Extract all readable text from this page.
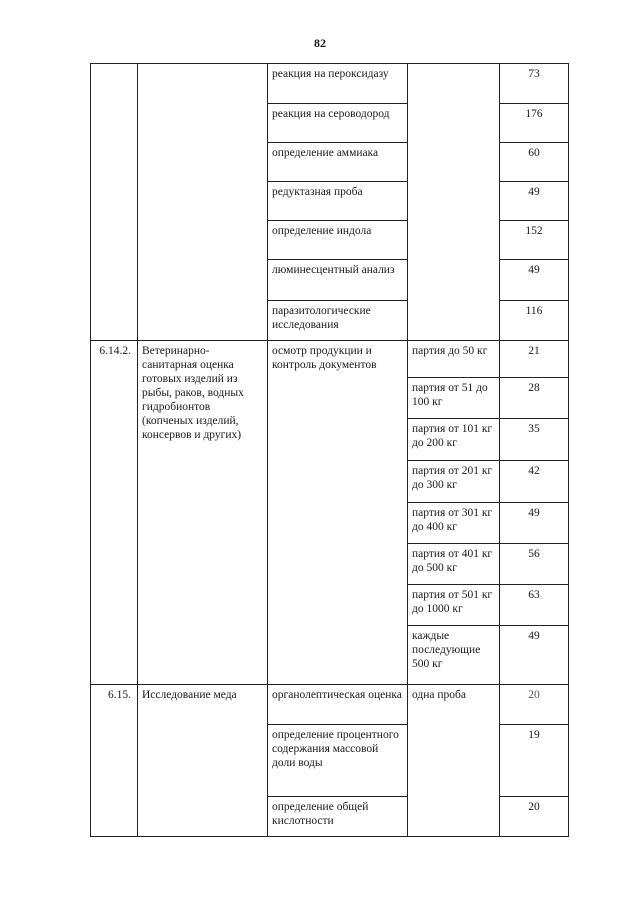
82
		реакция на пероксидазу		73
		реакция на сероводород		176
		определение аммиака		60
		редуктазная проба		49
		определение индола		152
		люминесцентный анализ		49
		паразитологические исследования		116
6.14.2.	Ветеринарно-санитарная оценка готовых изделий из рыбы, раков, водных гидробионтов (копченых изделий, консервов и других)	осмотр продукции и контроль документов	партия до 50 кг	21
			партия от 51 до 100 кг	28
			партия от 101 кг до 200 кг	35
			партия от 201 кг до 300 кг	42
			партия от 301 кг до 400 кг	49
			партия от 401 кг до 500 кг	56
			партия от 501 кг до 1000 кг	63
			каждые последующие 500 кг	49
6.15.	Исследование меда	органолептическая оценка	одна проба	20
		определение процентного содержания массовой доли воды		19
		определение общей кислотности		20
